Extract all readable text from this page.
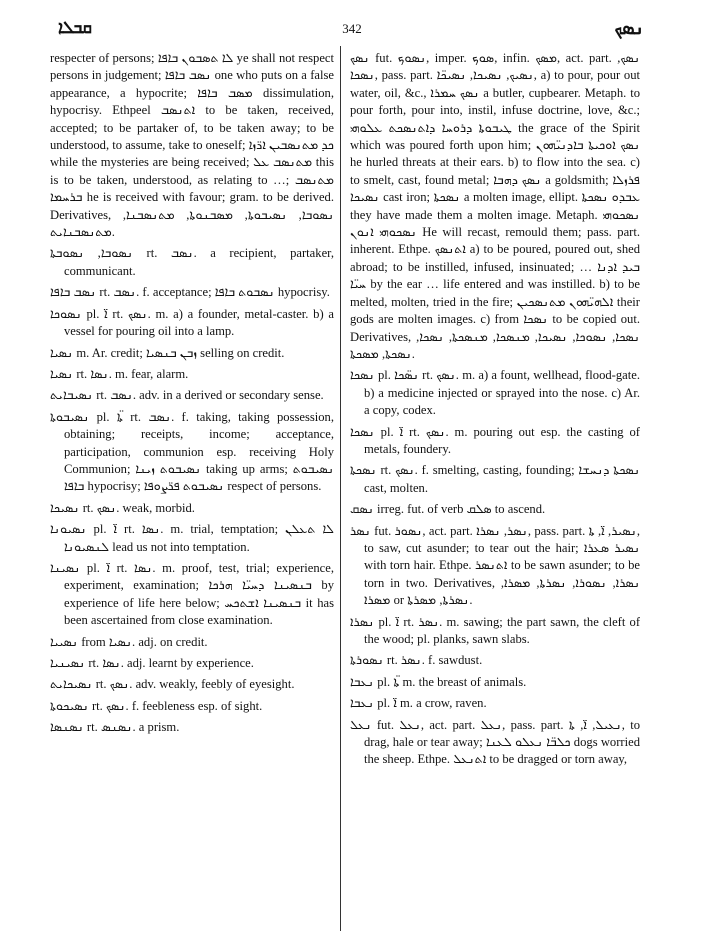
ܩܒܠܐ	342	ܢܣܟ

respecter of persons; ܠܐ ܬܣܒܘܢ ܒܐܦܐ ye shall not respect persons in judgement; ܢܣܒ ܒܐܦܐ one who puts on a false appearance, a hypocrite; ܡܣܒ ܒܐܦܐ dissimulation, hypocrisy. Ethpeel ܐܬܢܣܒ to be taken, received, accepted; to be partaker of, to be taken away; to be understood, to assume, take to oneself; ܟܕ ܡܬܢܣܒܝܢ ܐܪ̈ܙܐ while the mysteries are being received; ܡܬܢܣܒ ܥܠ this is to be taken, understood, as relating to …; ܡܬܢܣܒ ܒܪܚܡܐ he is received with favour; gram. to be derived. Derivatives, ܢܣܘܒܐ, ܢܣܝܒܘܬܐ, ܡܣܒܢܘܬܐ, ܡܬܢܣܒܢܐ, ܡܬܢܣܒܢܐܝܬ.

ܢܣܘܒܐ, ܢܣܘܒܬܐ rt. ܢܣܒ. a recipient, partaker, communicant.

ܢܣܒ ܒܐܦܐ rt. ܢܣܒ. f. acceptance; ܢܣܒܘܬ ܒܐܦܐ hypocrisy.

ܢܣܘܟܐ pl. ܐ̈ rt. ܢܣܟ. m. a) a founder, metal-caster. b) a vessel for pouring oil into a lamp.

ܢܣܝܐ m. Ar. credit; ܙܒܢ ܒܢܣܝܐ selling on credit.

ܢܣܝܐ rt. ܢܣܐ. m. fear, alarm.

ܢܣܝܒܐܝܬ rt. ܢܣܒ. adv. in a derived or secondary sense.

ܢܣܝܒܘܬܐ pl. ܬ̈ܐ rt. ܢܣܒ. f. taking, taking possession, obtaining; receipts, income; acceptance, participation, communion esp. receiving Holy Communion; ܢܣܝܒܘܬ ܙܝܢܐ taking up arms; ܢܣܝܒܘܬ ܒܐܦܐ hypocrisy; ܢܣܝܒܘܬ ܦܪ̈ܨܘܦܐ respect of persons.

ܢܣܝܟܐ rt. ܢܣܟ. weak, morbid.

ܢܣܝܘܢܐ pl. ܐ̈ rt. ܢܣܐ. m. trial, temptation; ܠܐ ܬܥܠܢ ܠܢܣܝܘܢܐ lead us not into temptation.

ܢܣܝܢܐ pl. ܐ̈ rt. ܢܣܐ. m. proof, test, trial; experience, experiment, examination; ܒܢܣܝܢܐ ܕܚܝ̈ܐ ܗܪܟܐ by experience of life here below; ܒܢܣܝܢܐ ܐܫܬܟܚ it has been ascertained from close examination.

ܢܣܝܝܐ from ܢܣܝܐ. adj. on credit.

ܢܣܝܢܝܐ rt. ܢܣܐ. adj. learnt by experience.

ܢܣܝܟܐܝܬ rt. ܢܣܟ. adv. weakly, feebly of eyesight.

ܢܣܝܟܘܬܐ rt. ܢܣܟ. f. feebleness esp. of sight.

ܢܣܢܣܐ rt. ܢܣܢܣ. a prism.

ܢܣܟ fut. ܢܣܘܟ, imper. ܣܘܟ, infin. ܡܣܟ, act. part. ܢܣܟ, ܢܣܟܐ, pass. part. ܢܣܝܟ, ܢܣܝܟܐ, ܢܣܝܟ̈ܐ, a) to pour, pour out water, oil, &c., ܢܣܟ ܚܡܪܐ a butler, cupbearer. Metaph. to pour forth, pour into, instil, infuse doctrine, love, &c.; ܛܝܒܘܬܐ ܕܪܘܚܐ ܕܐܬܢܣܟܬ ܥܠܘܗܝ the grace of the Spirit which was poured forth upon him; ܢܣܟ ܐܘܟܝܬܐ ܒܐܕܢܝ̈ܗܘܢ he hurled threats at their ears. b) to flow into the sea. c) to smelt, cast, found metal; ܢܣܟ ܕܗܒܐ a goldsmith; ܦܪܙܠܐ ܢܣܝܟܐ cast iron; ܢܣܟܬܐ a molten image, ellipt. ܥܒܕܘ ܢܣܟܬܐ they have made them a molten image. Metaph. ܢܣܟܘܗܝ ܢܣܟܘܗܝ ܐܢܘܢ He will recast, remould them; pass. part. inherent. Ethpe. ܐܬܢܣܟ a) to be poured, poured out, shed abroad; to be instilled, infused, insinuated; ܒܝܕ ܐܕܢܐ … ܚܝ̈ܐ by the ear … life entered and was instilled. b) to be melted, molten, tried in the fire; ܐܠܗܝ̈ܗܘܢ ܡܬܢܣܟܝܢ their gods are molten images. c) from ܢܣܟܐ to be copied out. Derivatives, ܢܣܟܐ, ܢܣܘܟܐ, ܢܣܝܟܐ, ܡܢܣܟܐ, ܡܢܣܟܬܐ, ܢܣܟܐ, ܢܣܟܬܐ, ܡܣܟܬܐ.

ܢܣܟܐ pl. ܢܣ̈ܟܐ rt. ܢܣܟ. m. a) a fount, wellhead, flood-gate. b) a medicine injected or sprayed into the nose. c) Ar. a copy, codex.

ܢܣܟܐ pl. ܐ̈ rt. ܢܣܟ. m. pouring out esp. the casting of metals, foundery.

ܢܣܟܬܐ rt. ܢܣܟ. f. smelting, casting, founding; ܢܣܟܬܐ ܕܢܚܫܐ cast, molten.

ܢܣܩ irreg. fut. of verb ܣܠܩ to ascend.

ܢܣܪ fut. ܢܣܘܪ, act. part. ܢܣܪ, ܢܣܪܐ, pass. part. ܢܣܝܪ, ܐ̈, ܬܐ, to saw, cut asunder; to tear out the hair; ܢܣܝܪ ܣܥܪܐ with torn hair. Ethpe. ܐܬܢܣܪ to be sawn asunder; to be torn in two. Derivatives, ܢܣܪܐ, ܢܣܘܪܐ, ܢܣܪܬܐ, ܡܣܪܐ, ܡܣܪܐ or ܢܣܪܬܐ, ܡܣܪܬܐ.

ܢܣܪܐ pl. ܐ̈ rt. ܢܣܪ. m. sawing; the part sawn, the cleft of the wood; pl. planks, sawn slabs.

ܢܣܘܪܬܐ rt. ܢܣܪ. f. sawdust.

ܢܥܒܐ pl. ܬ̈ܐ m. the breast of animals.

ܢܥܒܐ pl. ܐ̈ m. a crow, raven.

ܢܥܠ fut. ܢܥܠ, act. part. ܢܥܠ, pass. part. ܢܥܝܠ, ܐ̈, ܬܐ, to drag, hale or tear away; ܟܠܒ̈ܐ ܢܥܠܘ ܠܥܢܐ dogs worried the sheep. Ethpe. ܐܬܢܥܠ to be dragged or torn away,
